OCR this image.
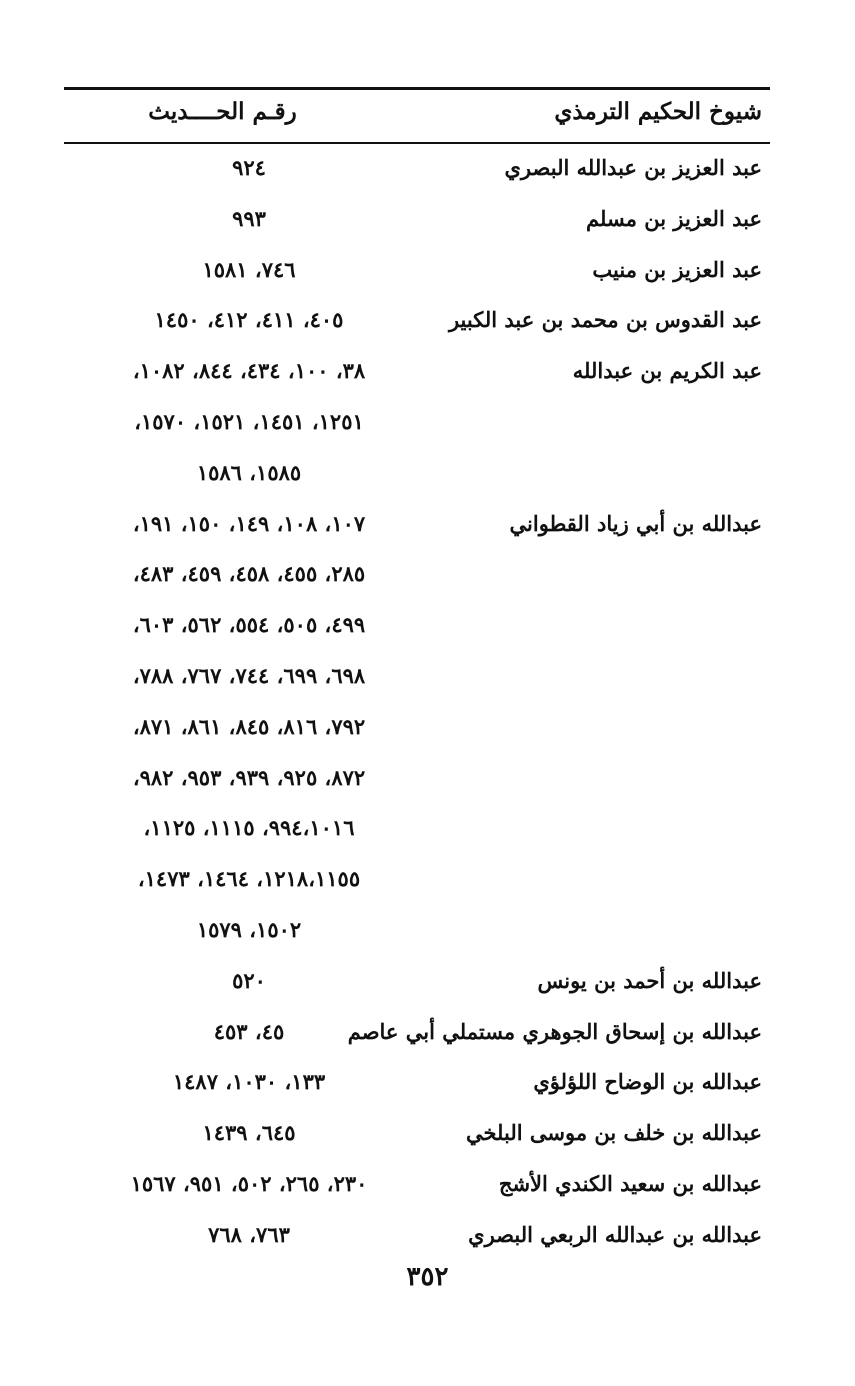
شيوخ الحكيم الترمذي
رقـم الحــــديث
عبد العزيز بن عبدالله البصري
٩٢٤
عبد العزيز بن مسلم
٩٩٣
عبد العزيز بن منيب
٧٤٦، ١٥٨١
عبد القدوس بن محمد بن عبد الكبير
٤٠٥، ٤١١، ٤١٢، ١٤٥٠
عبد الكريم بن عبدالله
٣٨، ١٠٠، ٤٣٤، ٨٤٤، ١٠٨٢،
١٢٥١، ١٤٥١، ١٥٢١، ١٥٧٠،
١٥٨٥، ١٥٨٦
عبدالله بن أبي زياد القطواني
١٠٧، ١٠٨، ١٤٩، ١٥٠، ١٩١،
٢٨٥، ٤٥٥، ٤٥٨، ٤٥٩، ٤٨٣،
٤٩٩، ٥٠٥، ٥٥٤، ٥٦٢، ٦٠٣،
٦٩٨، ٦٩٩، ٧٤٤، ٧٦٧، ٧٨٨،
٧٩٢، ٨١٦، ٨٤٥، ٨٦١، ٨٧١،
٨٧٢، ٩٢٥، ٩٣٩، ٩٥٣، ٩٨٢،
٩٩٤،١٠١٦، ١١١٥، ١١٢٥،
١٢١٨،١١٥٥، ١٤٦٤، ١٤٧٣،
١٥٠٢، ١٥٧٩
عبدالله بن أحمد بن يونس
٥٢٠
عبدالله بن إسحاق الجوهري مستملي أبي عاصم
٤٥، ٤٥٣
عبدالله بن الوضاح اللؤلؤي
١٣٣، ١٠٣٠، ١٤٨٧
عبدالله بن خلف بن موسى البلخي
٦٤٥، ١٤٣٩
عبدالله بن سعيد الكندي الأشج
٢٣٠، ٢٦٥، ٥٠٢، ٩٥١، ١٥٦٧
عبدالله بن عبدالله الربعي البصري
٧٦٣، ٧٦٨
٣٥٢
